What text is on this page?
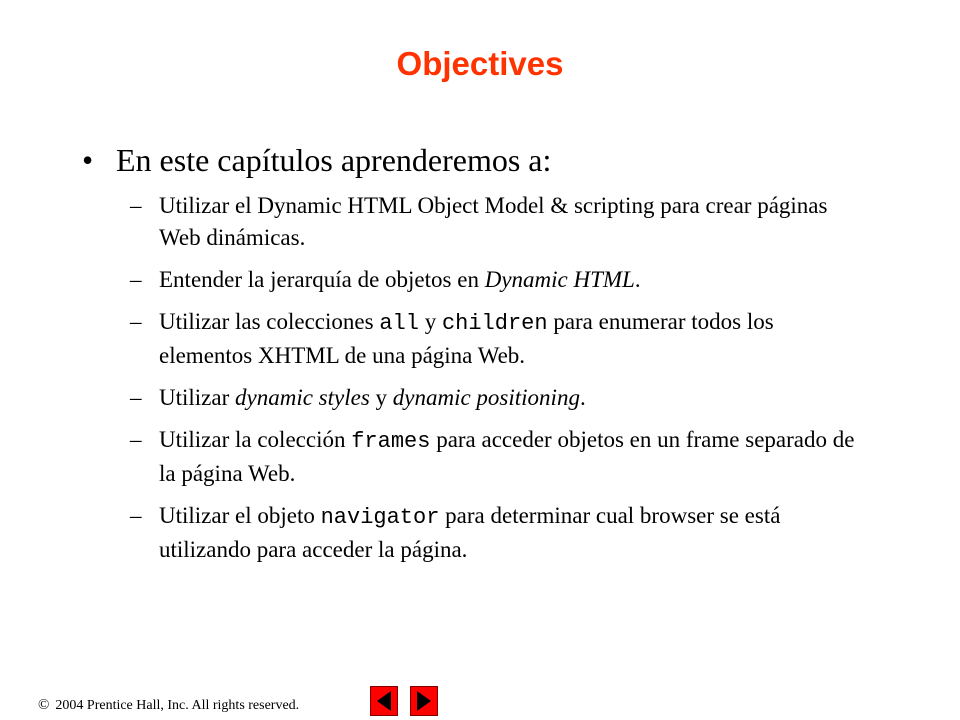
Objectives
• En este capítulos aprenderemos a:
– Utilizar el Dynamic HTML Object Model & scripting para crear páginas Web dinámicas.
– Entender la jerarquía de objetos en Dynamic HTML.
– Utilizar las colecciones all y children para enumerar todos los elementos XHTML de una página Web.
– Utilizar dynamic styles y dynamic positioning.
– Utilizar la colección frames para acceder objetos en un frame separado de la página Web.
– Utilizar el objeto navigator para determinar cual browser se está utilizando para acceder la página.
© 2004 Prentice Hall, Inc. All rights reserved.
